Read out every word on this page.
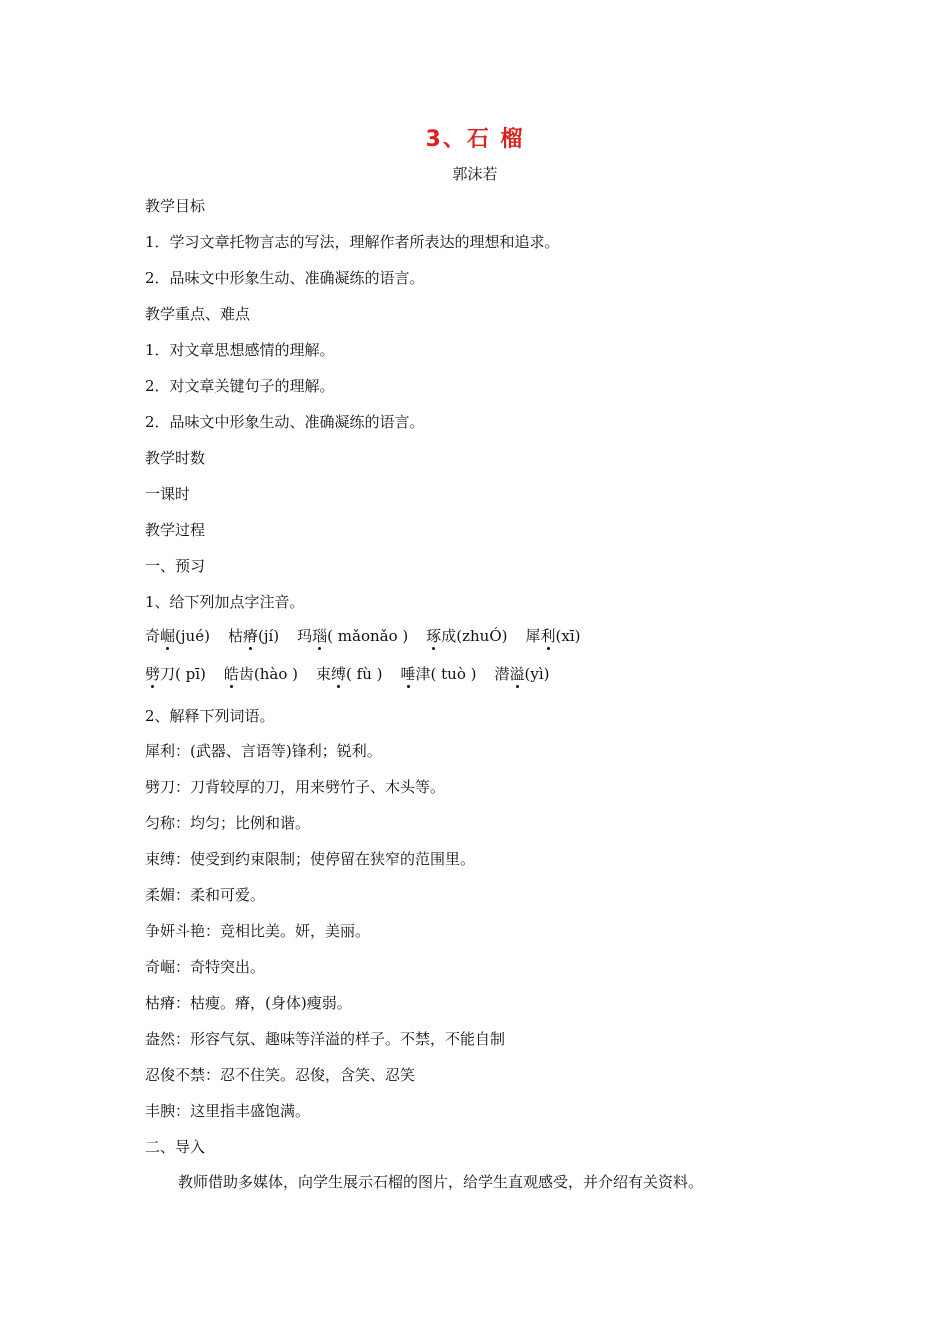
3、石 榴
郭沫若
教学目标
1．学习文章托物言志的写法，理解作者所表达的理想和追求。
2．品味文中形象生动、准确凝练的语言。
教学重点、难点
1．对文章思想感情的理解。
2．对文章关键句子的理解。
2．品味文中形象生动、准确凝练的语言。
教学时数
一课时
教学过程
一、预习
1、给下列加点字注音。
奇崛(jué) 枯瘠(jí) 玛瑙( mǎonǎo ) 琢成(zhuÓ) 犀利(xī)
劈刀( pī) 皓齿(hào ) 束缚( fù ) 唾津( tuò ) 潜溢(yì)
2、解释下列词语。
犀利：(武器、言语等)锋利；锐利。
劈刀：刀背较厚的刀，用来劈竹子、木头等。
匀称：均匀；比例和谐。
束缚：使受到约束限制；使停留在狭窄的范围里。
柔媚：柔和可爱。
争妍斗艳：竞相比美。妍，美丽。
奇崛：奇特突出。
枯瘠：枯瘦。瘠，(身体)瘦弱。
盎然：形容气氛、趣味等洋溢的样子。不禁，不能自制
忍俊不禁：忍不住笑。忍俊，含笑、忍笑
丰腴：这里指丰盛饱满。
二、导入
教师借助多媒体，向学生展示石榴的图片，给学生直观感受，并介绍有关资料。
